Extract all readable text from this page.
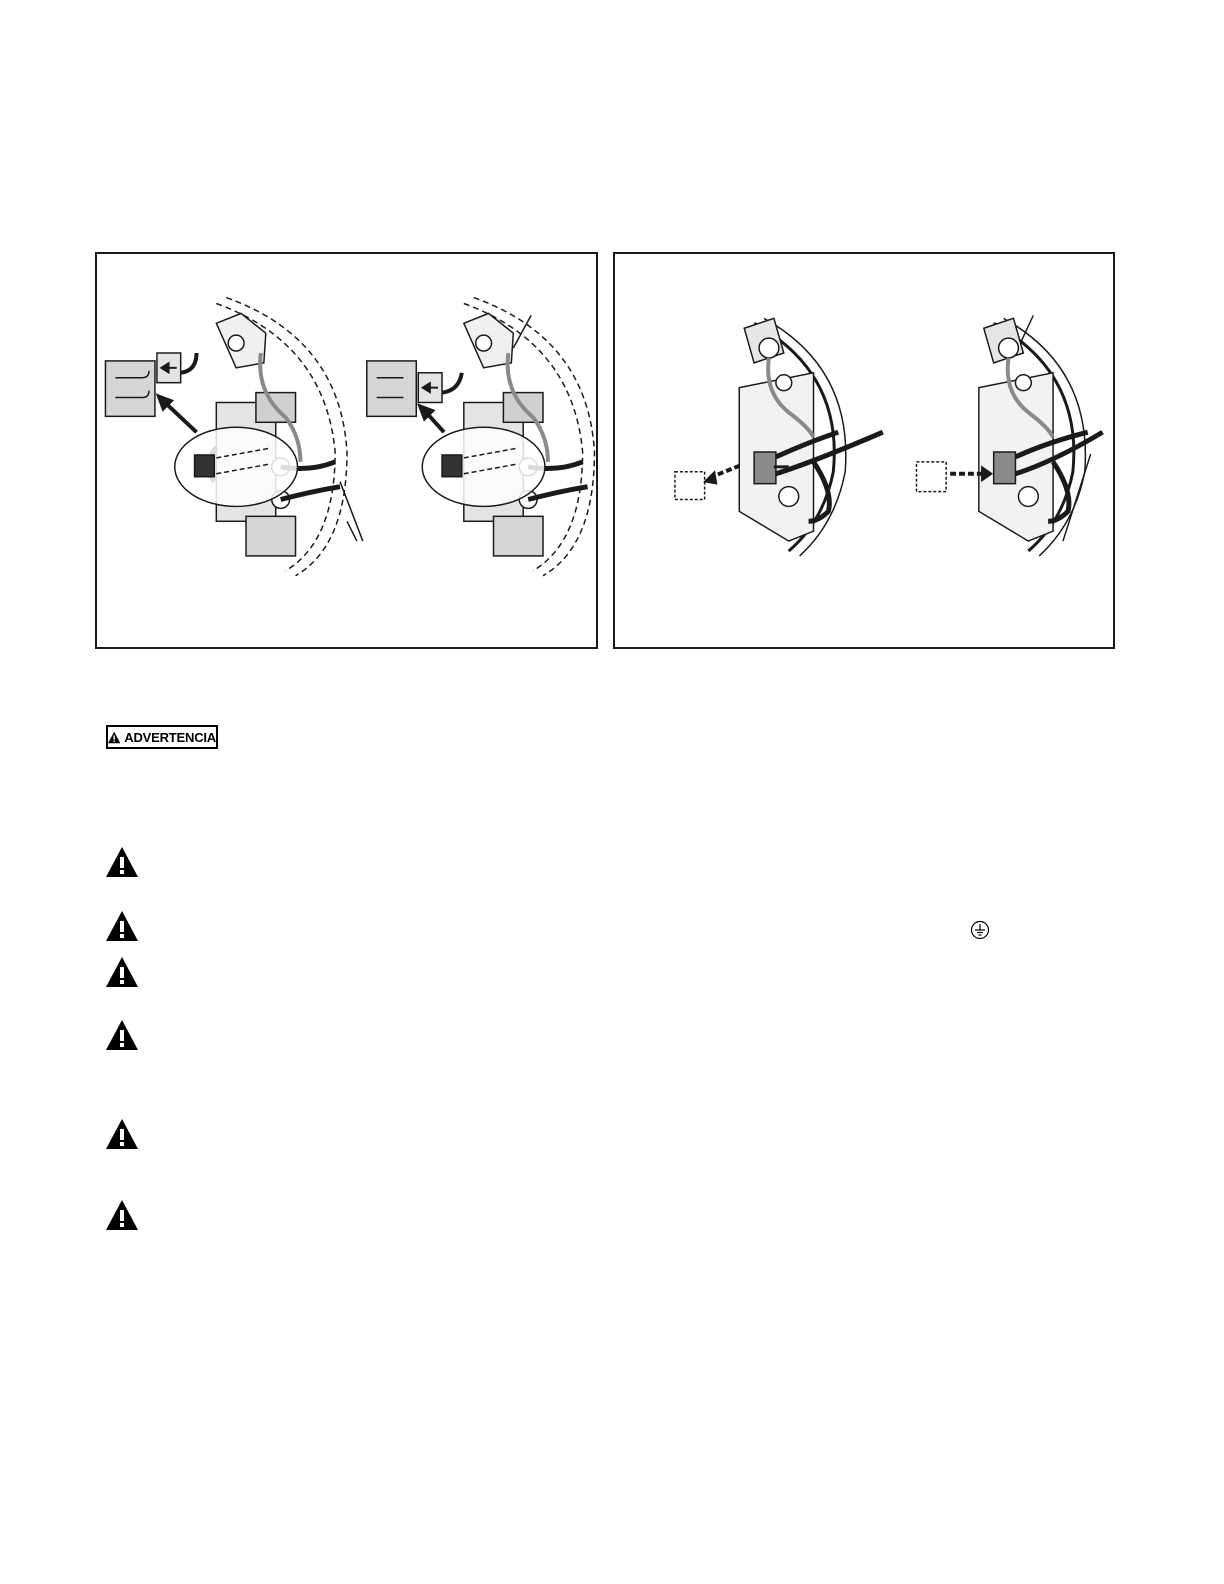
ADVERTENCIA
